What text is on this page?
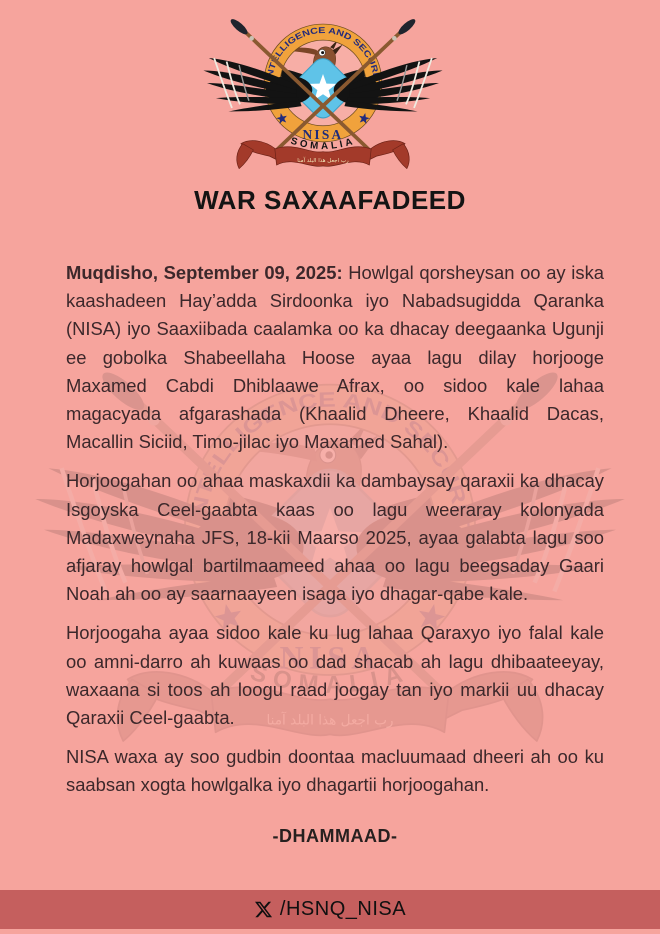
WAR SAXAAFADEED

Muqdisho, September 09, 2025: Howlgal qorsheysan oo ay iska kaashadeen Hay’adda Sirdoonka iyo Nabadsugidda Qaranka (NISA) iyo Saaxiibada caalamka oo ka dhacay deegaanka Ugunji ee gobolka Shabeellaha Hoose ayaa lagu dilay horjooge Maxamed Cabdi Dhiblaawe Afrax, oo sidoo kale lahaa magacyada afgarashada (Khaalid Dheere, Khaalid Dacas, Macallin Siciid, Timo-jilac iyo Maxamed Sahal).

Horjoogahan oo ahaa maskaxdii ka dambaysay qaraxii ka dhacay Isgoyska Ceel-gaabta kaas oo lagu weeraray kolonyada Madaxweynaha JFS, 18-kii Maarso 2025, ayaa galabta lagu soo afjaray howlgal bartilmaameed ahaa oo lagu beegsaday Gaari Noah ah oo ay saarnaayeen isaga iyo dhagar-qabe kale.

Horjoogaha ayaa sidoo kale ku lug lahaa Qaraxyo iyo falal kale oo amni-darro ah kuwaas oo dad shacab ah lagu dhibaateeyay, waxaana si toos ah loogu raad joogay tan iyo markii uu dhacay Qaraxii Ceel-gaabta.

NISA waxa ay soo gudbin doontaa macluumaad dheeri ah oo ku saabsan xogta howlgalka iyo dhagartii horjoogahan.

-DHAMMAAD-
/HSNQ_NISA
